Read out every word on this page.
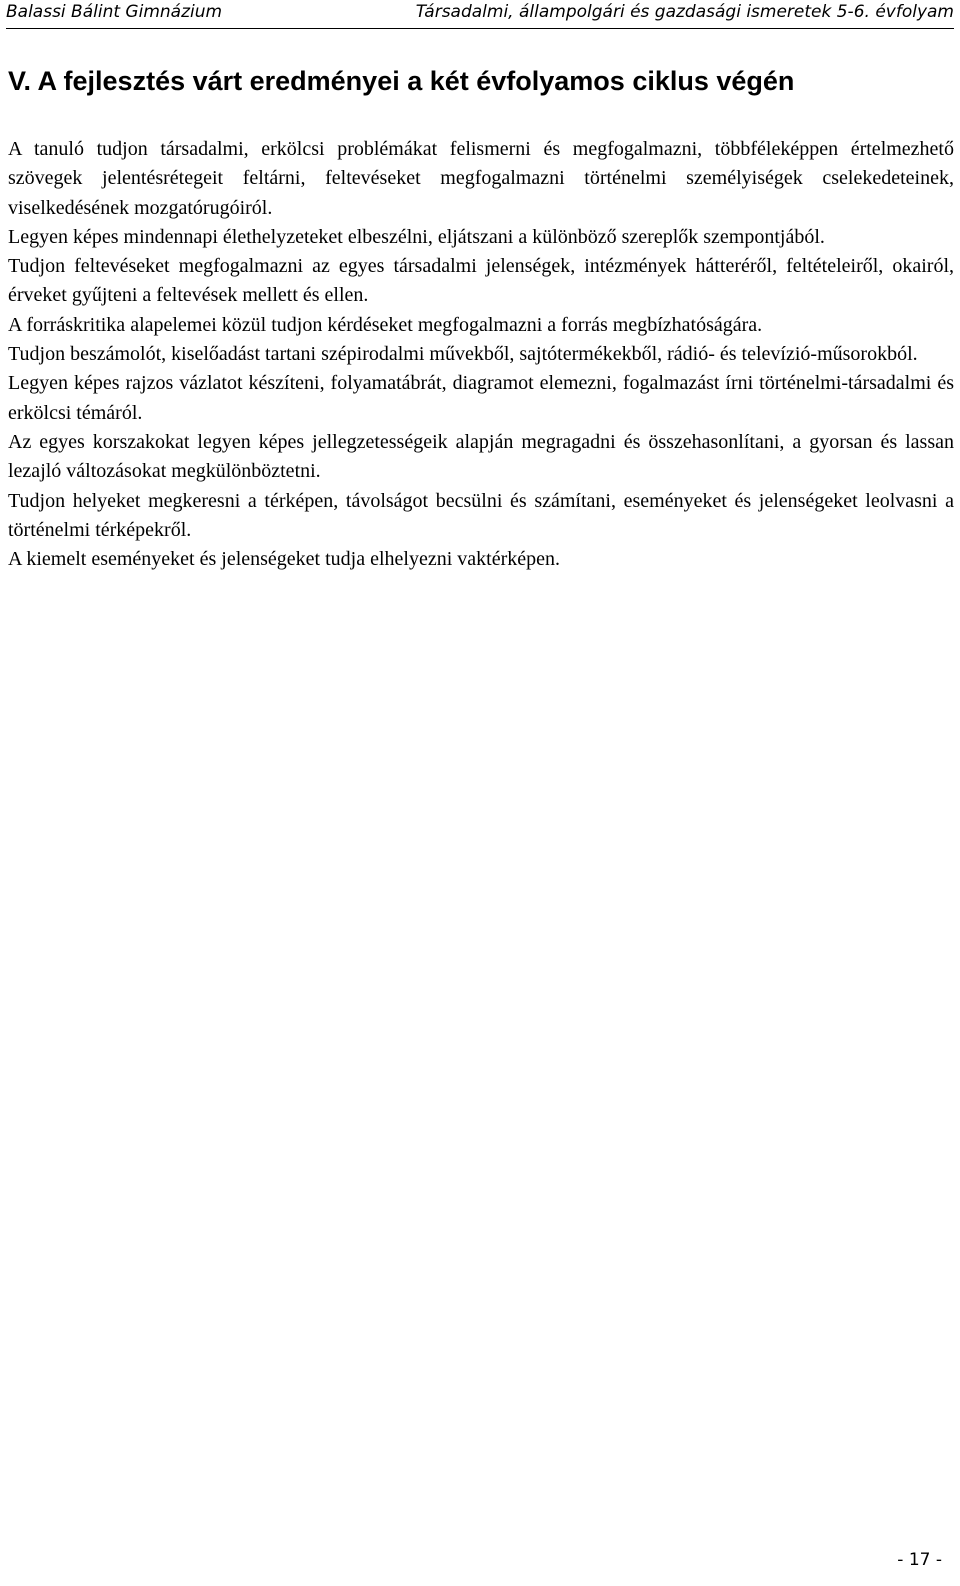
Balassi Bálint Gimnázium	Társadalmi, állampolgári és gazdasági ismeretek 5-6. évfolyam
V. A fejlesztés várt eredményei a két évfolyamos ciklus végén

A tanuló tudjon társadalmi, erkölcsi problémákat felismerni és megfogalmazni, többféleképpen értelmezhető szövegek jelentésrétegeit feltárni, feltevéseket megfogalmazni történelmi személyiségek cselekedeteinek, viselkedésének mozgatórugóiról.

Legyen képes mindennapi élethelyzeteket elbeszélni, eljátszani a különböző szereplők szempontjából.

Tudjon feltevéseket megfogalmazni az egyes társadalmi jelenségek, intézmények hátteréről, feltételeiről, okairól, érveket gyűjteni a feltevések mellett és ellen.

A forráskritika alapelemei közül tudjon kérdéseket megfogalmazni a forrás megbízhatóságára.

Tudjon beszámolót, kiselőadást tartani szépirodalmi művekből, sajtótermékekből, rádió- és televízió-műsorokból.

Legyen képes rajzos vázlatot készíteni, folyamatábrát, diagramot elemezni, fogalmazást írni történelmi-társadalmi és erkölcsi témáról.

Az egyes korszakokat legyen képes jellegzetességeik alapján megragadni és összehasonlítani, a gyorsan és lassan lezajló változásokat megkülönböztetni.

Tudjon helyeket megkeresni a térképen, távolságot becsülni és számítani, eseményeket és jelenségeket leolvasni a történelmi térképekről.

A kiemelt eseményeket és jelenségeket tudja elhelyezni vaktérképen.

- 17 -
